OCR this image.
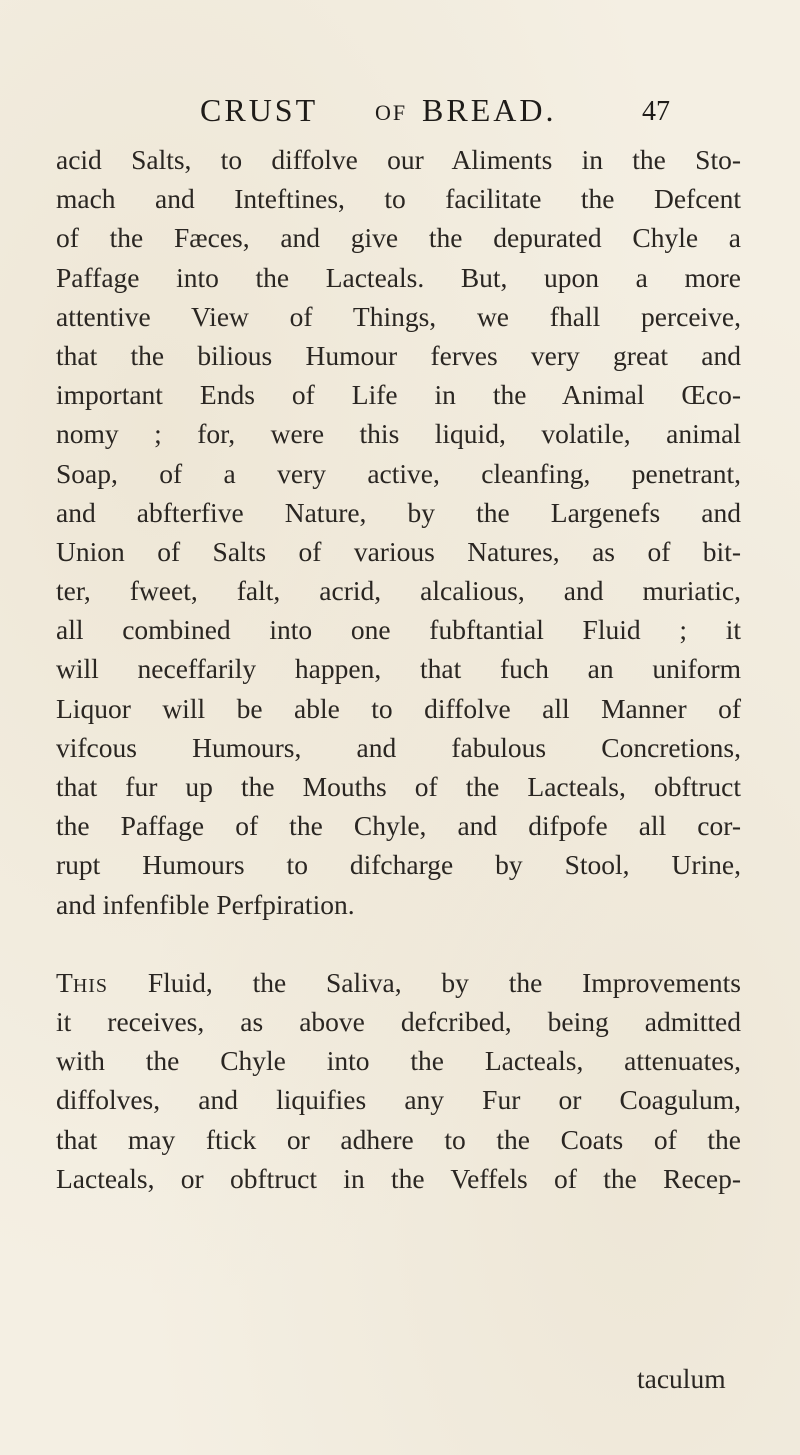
CRUST	OF BREAD.	47
acid Salts, to diffolve our Aliments in the Sto-
mach and Inteftines, to facilitate the Defcent
of the Fæces, and give the depurated Chyle a
Paffage into the Lacteals. But, upon a more
attentive View of Things, we fhall perceive,
that the bilious Humour ferves very great and
important Ends of Life in the Animal Œco-
nomy ; for, were this liquid, volatile, animal
Soap, of a very active, cleanfing, penetrant,
and abfterfive Nature, by the Largenefs and
Union of Salts of various Natures, as of bit-
ter, fweet, falt, acrid, alcalious, and muriatic,
all combined into one fubftantial Fluid ; it
will neceffarily happen, that fuch an uniform
Liquor will be able to diffolve all Manner of
vifcous Humours, and fabulous Concretions,
that fur up the Mouths of the Lacteals, obftruct
the Paffage of the Chyle, and difpofe all cor-
rupt Humours to difcharge by Stool, Urine,
and infenfible Perfpiration.
THIS Fluid, the Saliva, by the Improvements
it receives, as above defcribed, being admitted
with the Chyle into the Lacteals, attenuates,
diffolves, and liquifies any Fur or Coagulum,
that may ftick or adhere to the Coats of the
Lacteals, or obftruct in the Veffels of the Recep-
taculum
